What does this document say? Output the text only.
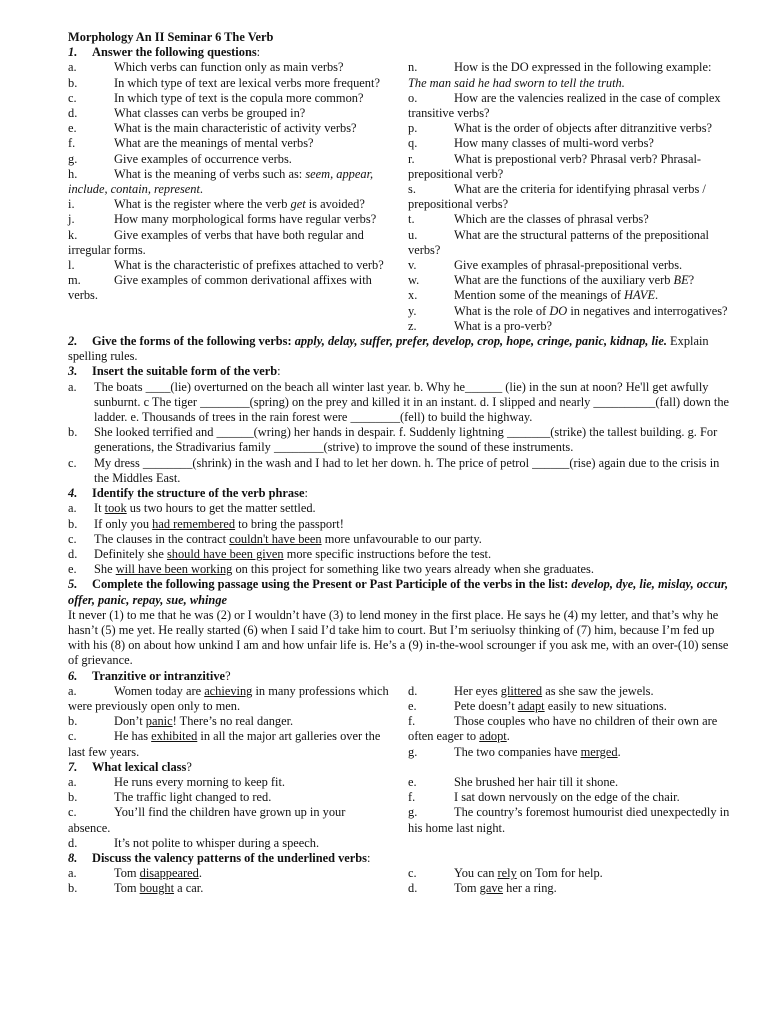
Morphology An II Seminar 6 The Verb
1. Answer the following questions:
a.	Which verbs can function only as main verbs?
b.	In which type of text are lexical verbs more frequent?
c.	In which type of text is the copula more common?
d.	What classes can verbs be grouped in?
e.	What is the main characteristic of activity verbs?
f.	What are the meanings of mental verbs?
g.	Give examples of occurrence verbs.
h.	What is the meaning of verbs such as: seem, appear, include, contain, represent.
i.	What is the register where the verb get is avoided?
j.	How many morphological forms have regular verbs?
k.	Give examples of verbs that have both regular and irregular forms.
l.	What is the characteristic of prefixes attached to verb?
m.	Give examples of common derivational affixes with verbs.
n.	How is the DO expressed in the following example: The man said he had sworn to tell the truth.
o.	How are the valencies realized in the case of complex transitive verbs?
p.	What is the order of objects after ditranzitive verbs?
q.	How many classes of multi-word verbs?
r.	What is prepostional verb? Phrasal verb? Phrasal-prepositional verb?
s.	What are the criteria for identifying phrasal verbs / prepositional verbs?
t.	Which are the classes of phrasal verbs?
u.	What are the structural patterns of the prepositional verbs?
v.	Give examples of phrasal-prepositional verbs.
w.	What are the functions of the auxiliary verb BE?
x.	Mention some of the meanings of HAVE.
y.	What is the role of DO in negatives and interrogatives?
z.	What is a pro-verb?
2. Give the forms of the following verbs: apply, delay, suffer, prefer, develop, crop, hope, cringe, panic, kidnap, lie. Explain spelling rules.
3. Insert the suitable form of the verb:
a. The boats ____(lie) overturned on the beach all winter last year. b. Why he______ (lie) in the sun at noon? He'll get awfully sunburnt. c The tiger ________(spring) on the prey and killed it in an instant. d. I slipped and nearly __________(fall) down the ladder. e. Thousands of trees in the rain forest were ________(fell) to build the highway.
b. She looked terrified and ______(wring) her hands in despair. f. Suddenly lightning _______(strike) the tallest building. g. For generations, the Stradivarius family ________(strive) to improve the sound of these instruments.
c. My dress ________(shrink) in the wash and I had to let her down. h. The price of petrol ______(rise) again due to the crisis in the Middles East.
4. Identify the structure of the verb phrase:
a. It took us two hours to get the matter settled.
b. If only you had remembered to bring the passport!
c. The clauses in the contract couldn't have been more unfavourable to our party.
d. Definitely she should have been given more specific instructions before the test.
e. She will have been working on this project for something like two years already when she graduates.
5. Complete the following passage using the Present or Past Participle of the verbs in the list: develop, dye, lie, mislay, occur, offer, panic, repay, sue, whinge
It never (1) to me that he was (2) or I wouldn’t have (3) to lend money in the first place. He says he (4) my letter, and that’s why he hasn’t (5) me yet. He really started (6) when I said I’d take him to court. But I’m seriuolsy thinking of (7) him, because I’m fed up with his (8) on about how unkind I am and how unfair life is. He’s a (9) in-the-wool scrounger if you ask me, with an over-(10) sense of grievance.
6. Tranzitive or intranzitive?
a.	Women today are achieving in many professions which were previously open only to men.
b.	Don’t panic! There’s no real danger.
c.	He has exhibited in all the major art galleries over the last few years.
d.	Her eyes glittered as she saw the jewels.
e.	Pete doesn’t adapt easily to new situations.
f.	Those couples who have no children of their own are often eager to adopt.
g.	The two companies have merged.
7. What lexical class?
a.	He runs every morning to keep fit.
b.	The traffic light changed to red.
c.	You’ll find the children have grown up in your absence.
d.	It’s not polite to whisper during a speech.
e.	She brushed her hair till it shone.
f.	I sat down nervously on the edge of the chair.
g.	The country’s foremost humourist died unexpectedly in his home last night.
8. Discuss the valency patterns of the underlined verbs:
a.	Tom disappeared.
b.	Tom bought a car.
c.	You can rely on Tom for help.
d.	Tom gave her a ring.
